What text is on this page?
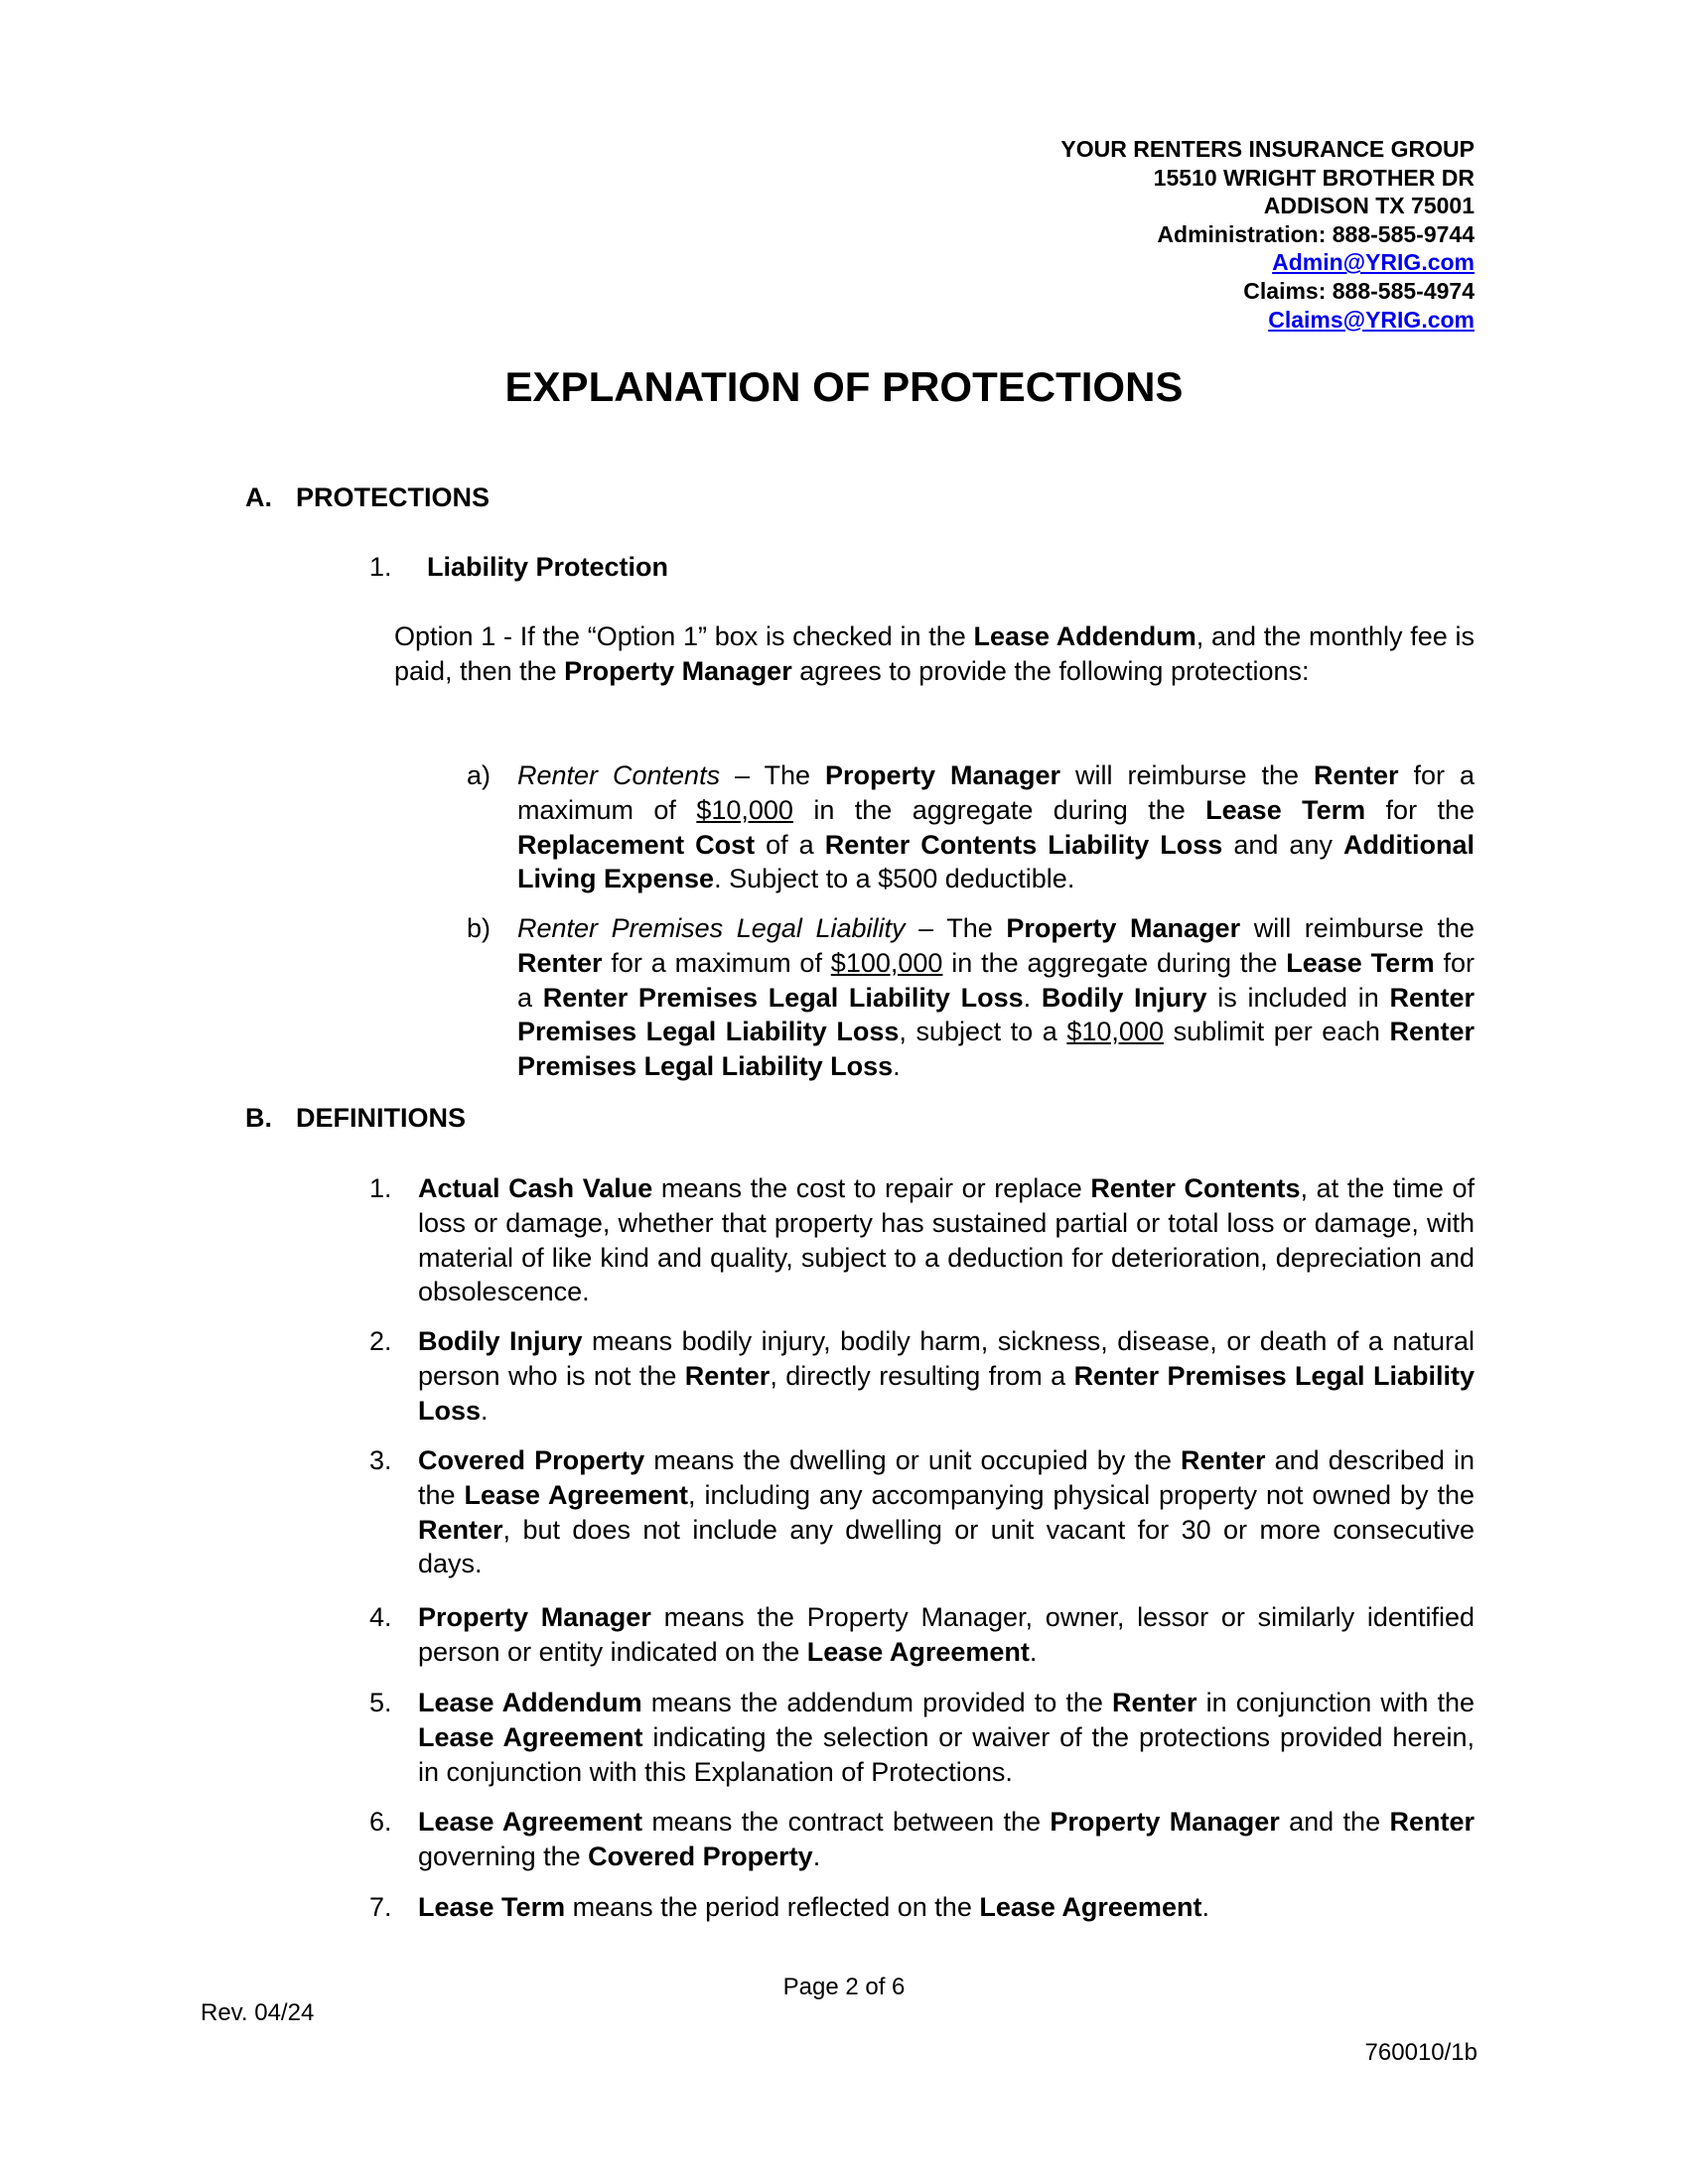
YOUR RENTERS INSURANCE GROUP
15510 WRIGHT BROTHER DR
ADDISON TX 75001
Administration: 888-585-9744
Admin@YRIG.com
Claims: 888-585-4974
Claims@YRIG.com
EXPLANATION OF PROTECTIONS
A. PROTECTIONS
1. Liability Protection
Option 1 - If the “Option 1” box is checked in the Lease Addendum, and the monthly fee is paid, then the Property Manager agrees to provide the following protections:
a) Renter Contents – The Property Manager will reimburse the Renter for a maximum of $10,000 in the aggregate during the Lease Term for the Replacement Cost of a Renter Contents Liability Loss and any Additional Living Expense. Subject to a $500 deductible.
b) Renter Premises Legal Liability – The Property Manager will reimburse the Renter for a maximum of $100,000 in the aggregate during the Lease Term for a Renter Premises Legal Liability Loss. Bodily Injury is included in Renter Premises Legal Liability Loss, subject to a $10,000 sublimit per each Renter Premises Legal Liability Loss.
B. DEFINITIONS
1. Actual Cash Value means the cost to repair or replace Renter Contents, at the time of loss or damage, whether that property has sustained partial or total loss or damage, with material of like kind and quality, subject to a deduction for deterioration, depreciation and obsolescence.
2. Bodily Injury means bodily injury, bodily harm, sickness, disease, or death of a natural person who is not the Renter, directly resulting from a Renter Premises Legal Liability Loss.
3. Covered Property means the dwelling or unit occupied by the Renter and described in the Lease Agreement, including any accompanying physical property not owned by the Renter, but does not include any dwelling or unit vacant for 30 or more consecutive days.
4. Property Manager means the Property Manager, owner, lessor or similarly identified person or entity indicated on the Lease Agreement.
5. Lease Addendum means the addendum provided to the Renter in conjunction with the Lease Agreement indicating the selection or waiver of the protections provided herein, in conjunction with this Explanation of Protections.
6. Lease Agreement means the contract between the Property Manager and the Renter governing the Covered Property.
7. Lease Term means the period reflected on the Lease Agreement.
Page 2 of 6
Rev. 04/24
760010/1b
